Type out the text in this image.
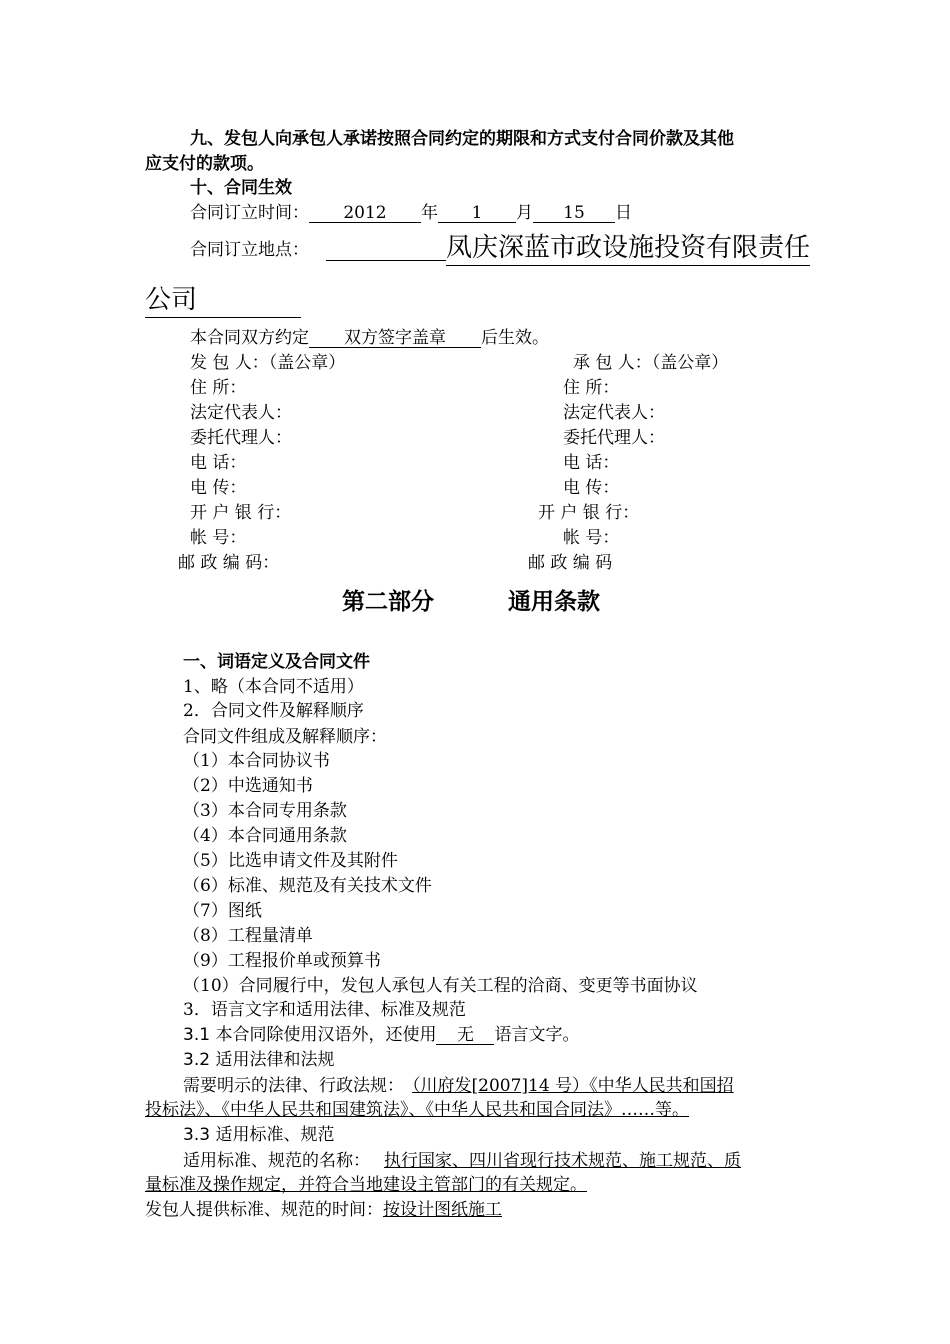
九、发包人向承包人承诺按照合同约定的期限和方式支付合同价款及其他
应支付的款项。
十、合同生效
合同订立时间： 2012 年 1 月 15 日
合同订立地点：	凤庆深蓝市政设施投资有限责任
公司
本合同双方约定 双方签字盖章 后生效。
发 包 人：（盖公章）
住 所：
法定代表人：
委托代理人：
电 话：
电 传：
开 户 银 行：
帐 号：
邮 政 编 码：
承 包 人：（盖公章）
住 所：
法定代表人：
委托代理人：
电 话：
电 传：
开 户 银 行：
帐 号：
邮 政 编 码
第二部分	通用条款
一、词语定义及合同文件
1、略（本合同不适用）
2．合同文件及解释顺序
合同文件组成及解释顺序：
（1）本合同协议书
（2）中选通知书
（3）本合同专用条款
（4）本合同通用条款
（5）比选申请文件及其附件
（6）标准、规范及有关技术文件
（7）图纸
（8）工程量清单
（9）工程报价单或预算书
（10）合同履行中，发包人承包人有关工程的洽商、变更等书面协议
3．语言文字和适用法律、标准及规范
3.1 本合同除使用汉语外，还使用 无 语言文字。
3.2 适用法律和法规
需要明示的法律、行政法规： （川府发[2007]14 号）《中华人民共和国招
投标法》、《中华人民共和国建筑法》、《中华人民共和国合同法》……等。
3.3 适用标准、规范
适用标准、规范的名称： 执行国家、四川省现行技术规范、施工规范、质
量标准及操作规定，并符合当地建设主管部门的有关规定。
发包人提供标准、规范的时间：按设计图纸施工
